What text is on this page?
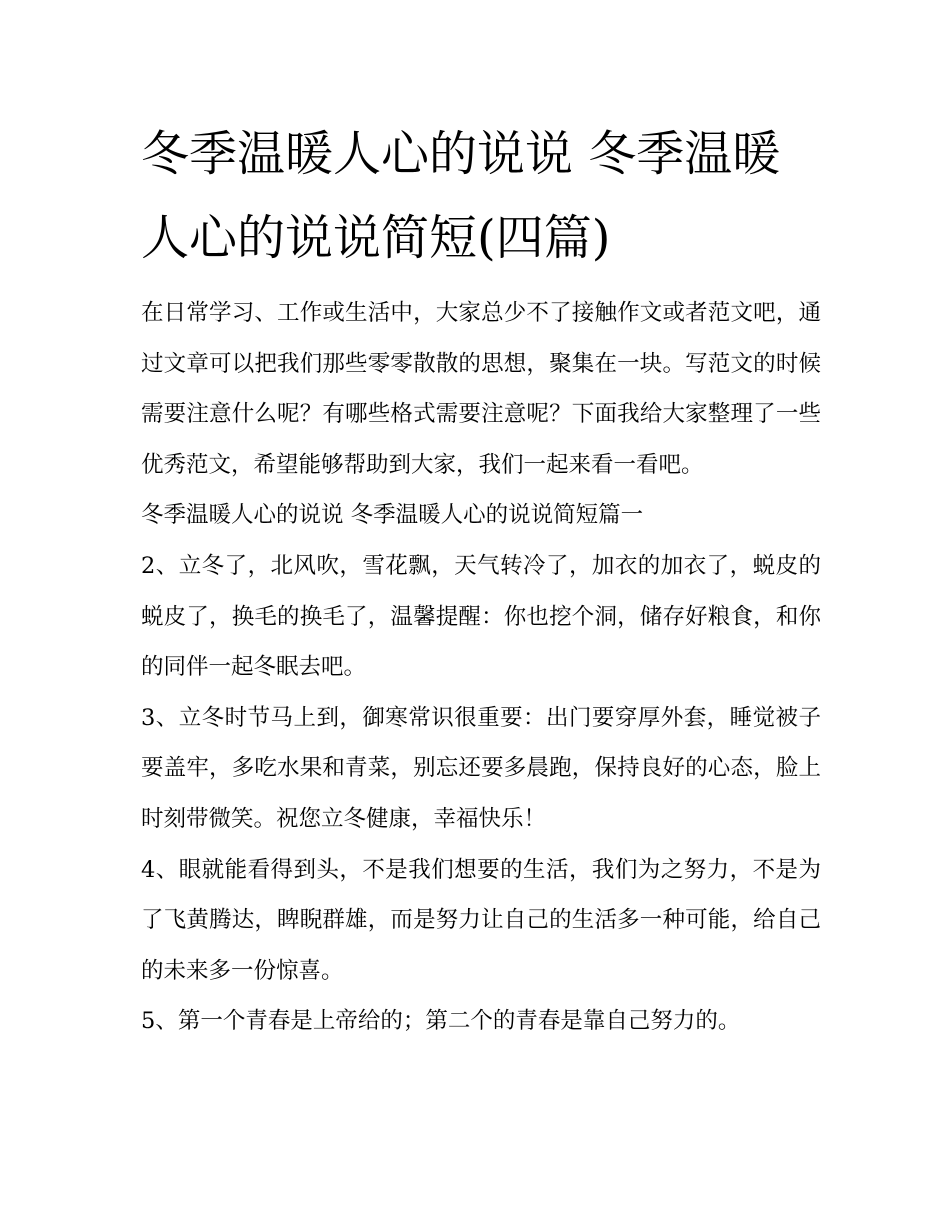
冬季温暖人心的说说 冬季温暖人心的说说简短(四篇)

在日常学习、工作或生活中，大家总少不了接触作文或者范文吧，通过文章可以把我们那些零零散散的思想，聚集在一块。写范文的时候需要注意什么呢？有哪些格式需要注意呢？下面我给大家整理了一些优秀范文，希望能够帮助到大家，我们一起来看一看吧。

冬季温暖人心的说说 冬季温暖人心的说说简短篇一

2、立冬了，北风吹，雪花飘，天气转冷了，加衣的加衣了，蜕皮的蜕皮了，换毛的换毛了，温馨提醒：你也挖个洞，储存好粮食，和你的同伴一起冬眠去吧。

3、立冬时节马上到，御寒常识很重要：出门要穿厚外套，睡觉被子要盖牢，多吃水果和青菜，别忘还要多晨跑，保持良好的心态，脸上时刻带微笑。祝您立冬健康，幸福快乐！

4、眼就能看得到头，不是我们想要的生活，我们为之努力，不是为了飞黄腾达，睥睨群雄，而是努力让自己的生活多一种可能，给自己的未来多一份惊喜。

5、第一个青春是上帝给的；第二个的青春是靠自己努力的。
